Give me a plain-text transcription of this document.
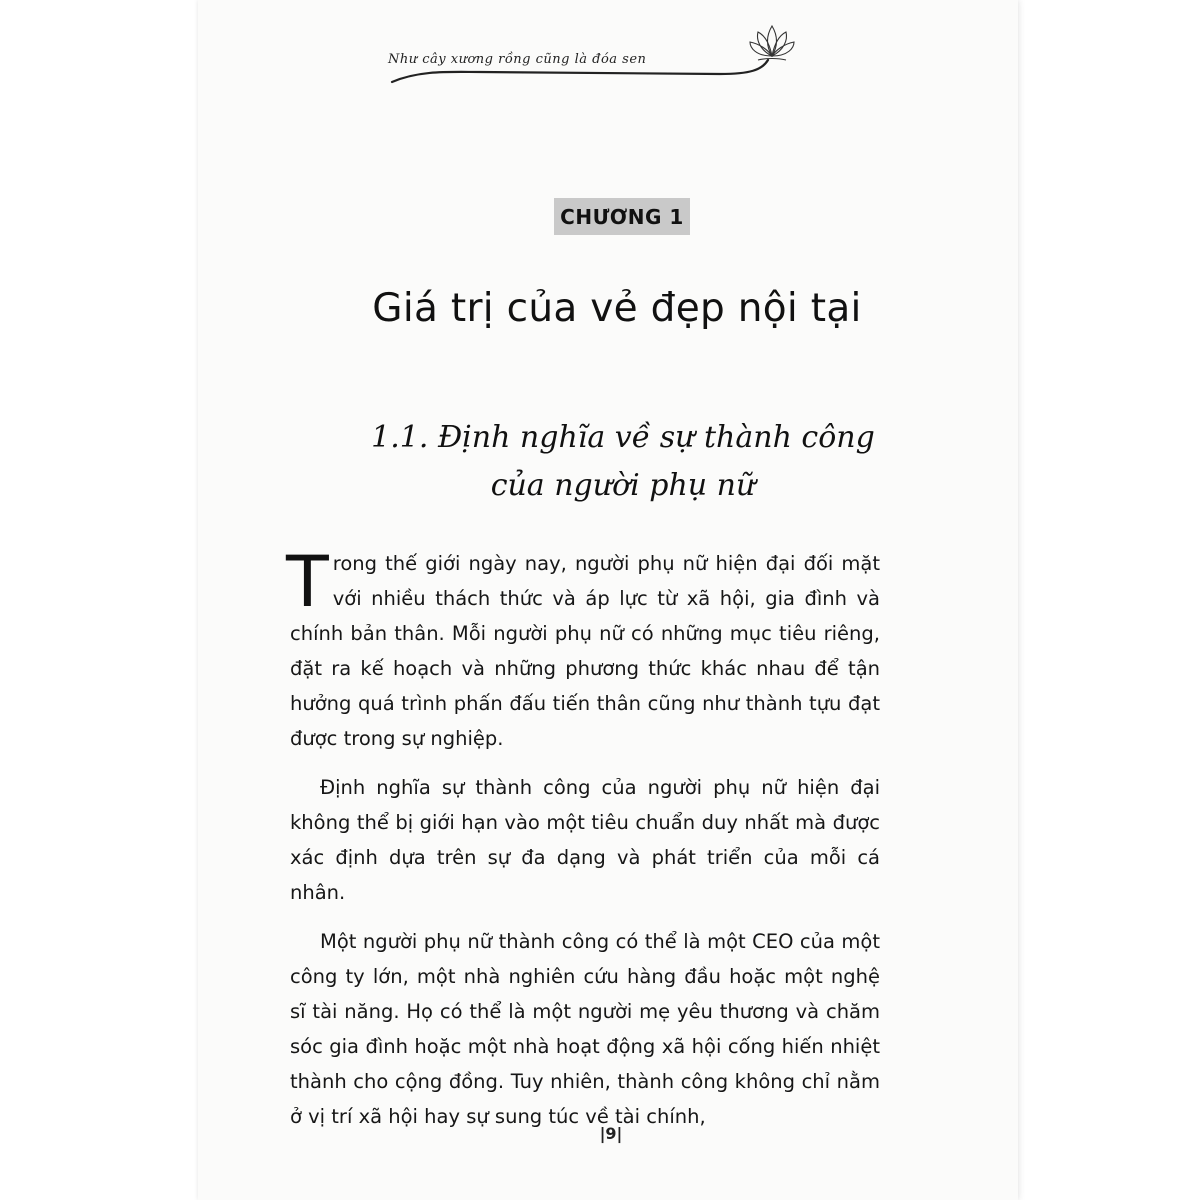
Như cây xương rồng cũng là đóa sen
CHƯƠNG 1
Giá trị của vẻ đẹp nội tại
1.1. Định nghĩa về sự thành công
của người phụ nữ

Trong thế giới ngày nay, người phụ nữ hiện đại đối mặt với nhiều thách thức và áp lực từ xã hội, gia đình và chính bản thân. Mỗi người phụ nữ có những mục tiêu riêng, đặt ra kế hoạch và những phương thức khác nhau để tận hưởng quá trình phấn đấu tiến thân cũng như thành tựu đạt được trong sự nghiệp.

Định nghĩa sự thành công của người phụ nữ hiện đại không thể bị giới hạn vào một tiêu chuẩn duy nhất mà được xác định dựa trên sự đa dạng và phát triển của mỗi cá nhân.

Một người phụ nữ thành công có thể là một CEO của một công ty lớn, một nhà nghiên cứu hàng đầu hoặc một nghệ sĩ tài năng. Họ có thể là một người mẹ yêu thương và chăm sóc gia đình hoặc một nhà hoạt động xã hội cống hiến nhiệt thành cho cộng đồng. Tuy nhiên, thành công không chỉ nằm ở vị trí xã hội hay sự sung túc về tài chính,

|9|
